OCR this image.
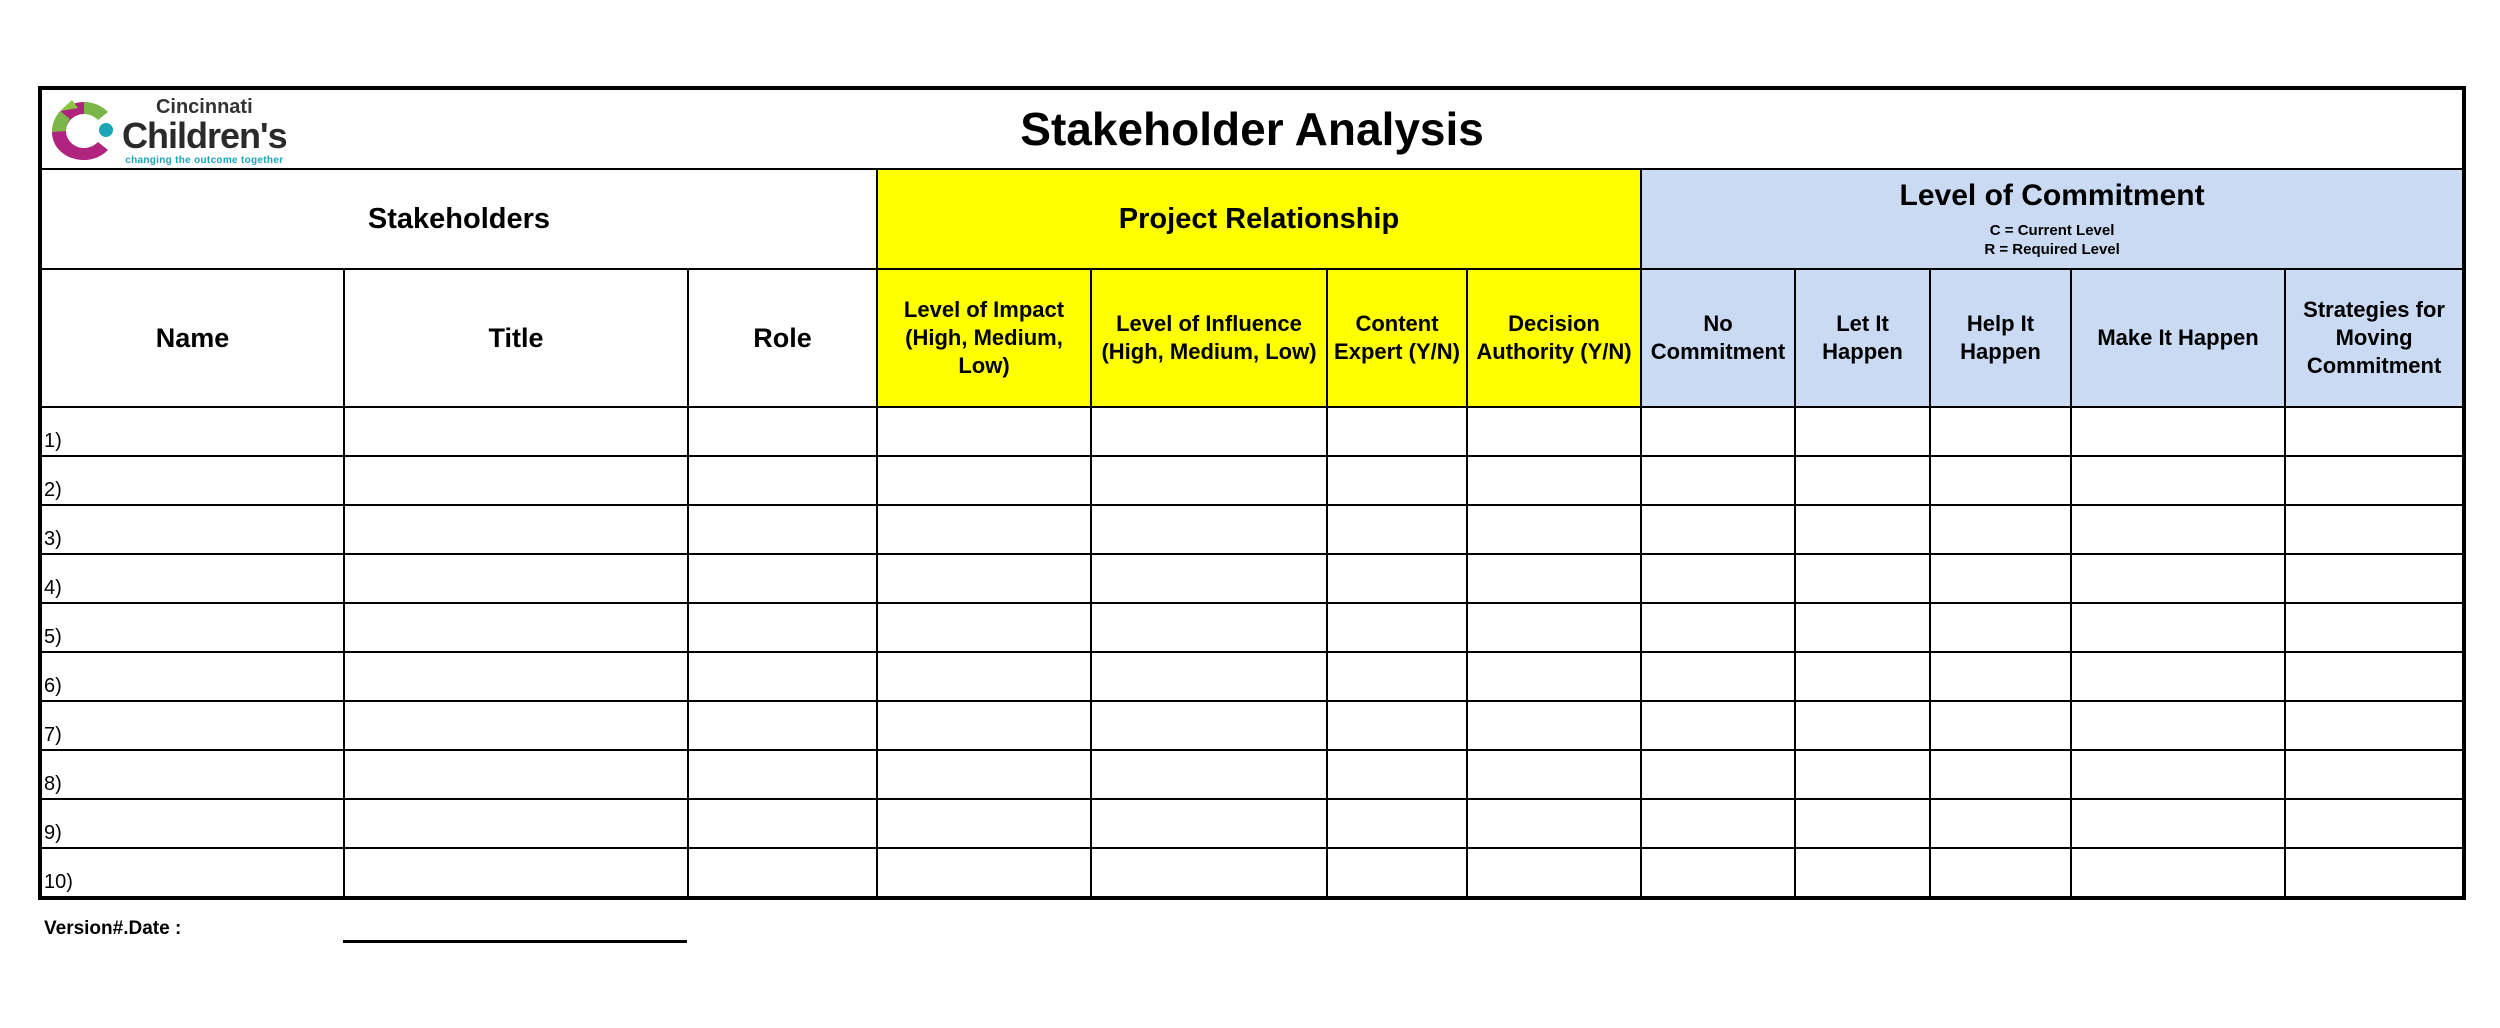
Cincinnati
Children's
changing the outcome together
Stakeholder Analysis											

Stakeholders			Project Relationship				Level of Commitment
C = Current Level
R = Required Level				

Name	Title	Role	Level of Impact (High, Medium, Low)	Level of Influence (High, Medium, Low)	Content Expert (Y/N)	Decision Authority (Y/N)	No Commitment	Let It Happen	Help It Happen	Make It Happen	Strategies for Moving Commitment
1)											
2)											
3)											
4)											
5)											
6)											
7)											
8)											
9)											
10)											
Version#.Date :
